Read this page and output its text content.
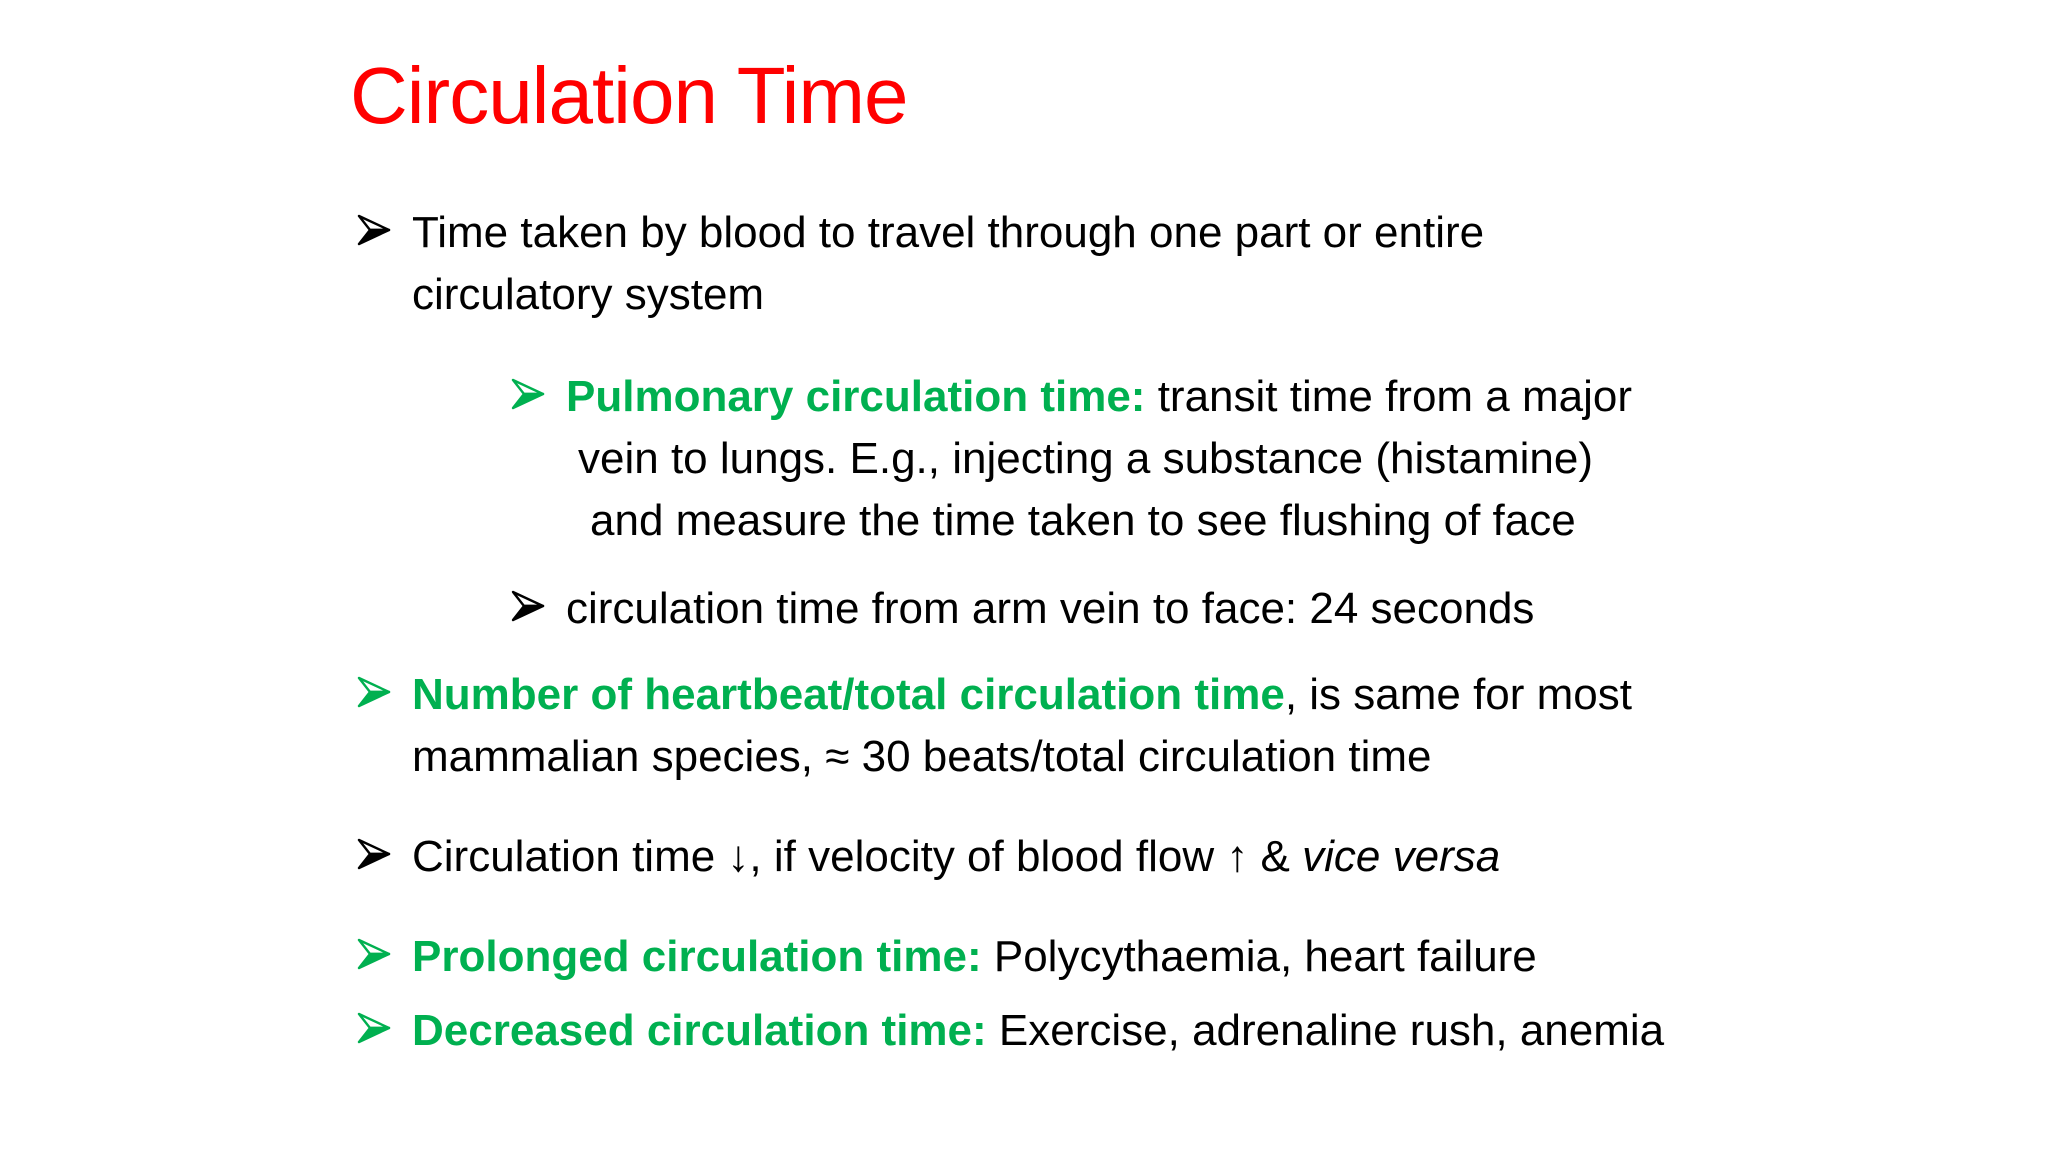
Circulation Time
Time taken by blood to travel through one part or entire
circulatory system
Pulmonary circulation time: transit time from a major
vein to lungs. E.g., injecting a substance (histamine)
and measure the time taken to see flushing of face
circulation time from arm vein to face: 24 seconds
Number of heartbeat/total circulation time, is same for most
mammalian species, ≈ 30 beats/total circulation time
Circulation time ↓, if velocity of blood flow ↑ & vice versa
Prolonged circulation time: Polycythaemia, heart failure
Decreased circulation time: Exercise, adrenaline rush, anemia
